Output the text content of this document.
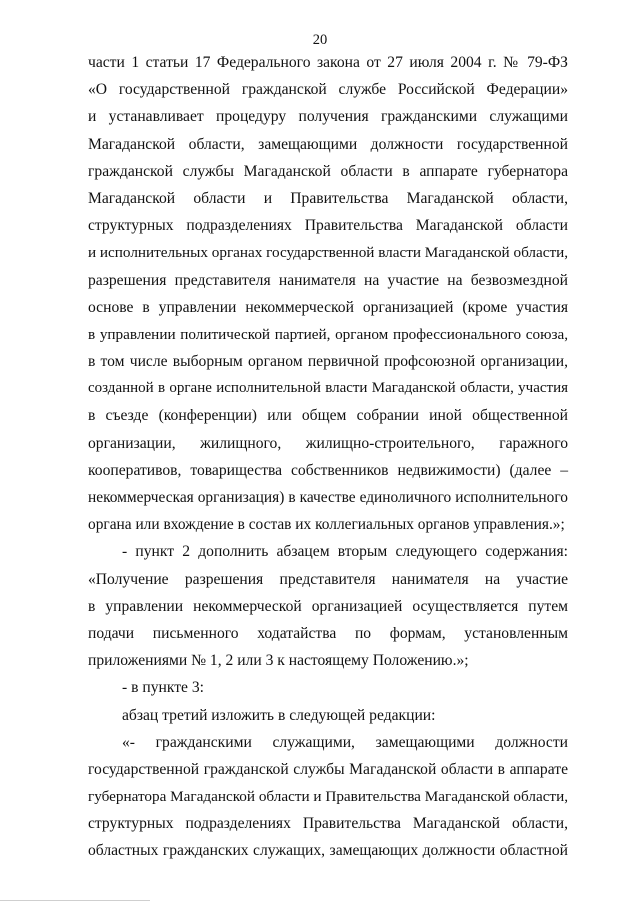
20
части 1 статьи 17 Федерального закона от 27 июля 2004 г. № 79-ФЗ
«О государственной гражданской службе Российской Федерации»
и устанавливает процедуру получения гражданскими служащими
Магаданской области, замещающими должности государственной
гражданской службы Магаданской области в аппарате губернатора
Магаданской области и Правительства Магаданской области,
структурных подразделениях Правительства Магаданской области
и исполнительных органах государственной власти Магаданской области,
разрешения представителя нанимателя на участие на безвозмездной
основе в управлении некоммерческой организацией (кроме участия
в управлении политической партией, органом профессионального союза,
в том числе выборным органом первичной профсоюзной организации,
созданной в органе исполнительной власти Магаданской области, участия
в съезде (конференции) или общем собрании иной общественной
организации, жилищного, жилищно-строительного, гаражного
кооперативов, товарищества собственников недвижимости) (далее –
некоммерческая организация) в качестве единоличного исполнительного
органа или вхождение в состав их коллегиальных органов управления.»;
- пункт 2 дополнить абзацем вторым следующего содержания:
«Получение разрешения представителя нанимателя на участие
в управлении некоммерческой организацией осуществляется путем
подачи письменного ходатайства по формам, установленным
приложениями № 1, 2 или 3 к настоящему Положению.»;
- в пункте 3:
абзац третий изложить в следующей редакции:
«- гражданскими служащими, замещающими должности
государственной гражданской службы Магаданской области в аппарате
губернатора Магаданской области и Правительства Магаданской области,
структурных подразделениях Правительства Магаданской области,
областных гражданских служащих, замещающих должности областной
